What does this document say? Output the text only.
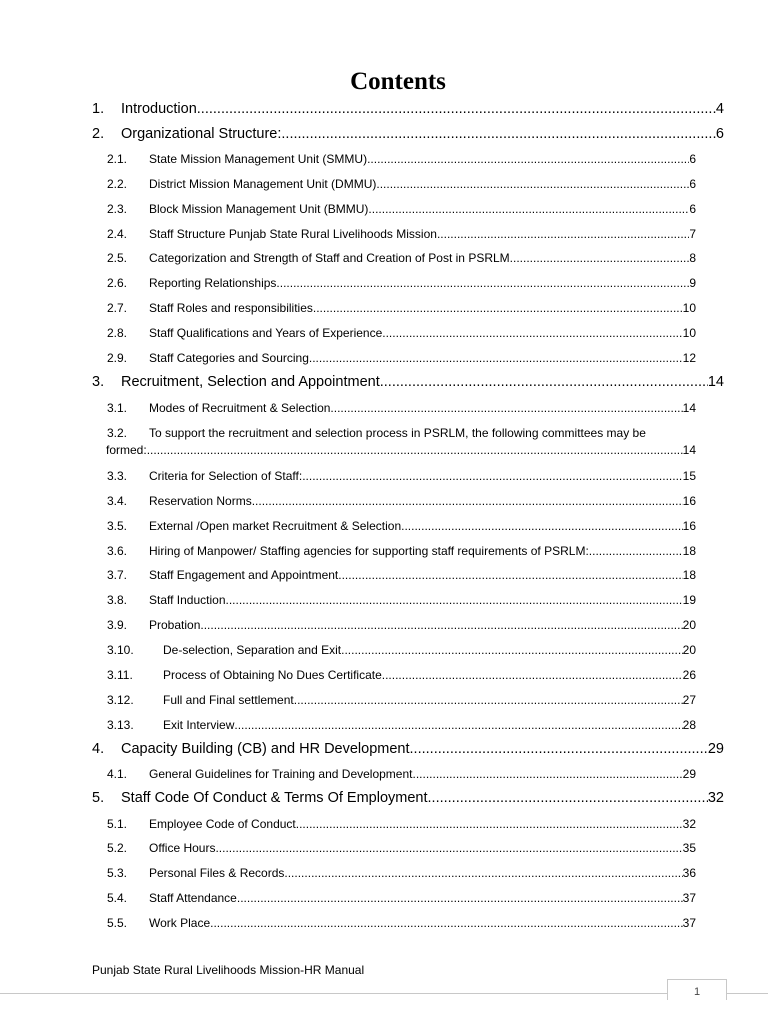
Contents
1.	Introduction .....	4
2.	Organizational Structure: .....	6
2.1.	State Mission Management Unit (SMMU) .....	6
2.2.	District Mission Management Unit (DMMU) .....	6
2.3.	Block Mission Management Unit (BMMU) .....	6
2.4.	Staff Structure Punjab State Rural Livelihoods Mission .....	7
2.5.	Categorization and Strength of Staff and Creation of Post in PSRLM .....	8
2.6.	Reporting Relationships .....	9
2.7.	Staff Roles and responsibilities .....	10
2.8.	Staff Qualifications and Years of Experience .....	10
2.9.	Staff Categories and Sourcing .....	12
3.	Recruitment, Selection and Appointment .....	14
3.1.	Modes of Recruitment & Selection .....	14
3.2.	To support the recruitment and selection process in PSRLM, the following committees may be
formed: .....	14
3.3.	Criteria for Selection of Staff: .....	15
3.4.	Reservation Norms .....	16
3.5.	External /Open market Recruitment & Selection .....	16
3.6.	Hiring of Manpower/ Staffing agencies for supporting staff requirements of PSRLM: .....	18
3.7.	Staff Engagement and Appointment .....	18
3.8.	Staff Induction .....	19
3.9.	Probation .....	20
3.10.	De-selection, Separation and Exit .....	20
3.11.	Process of Obtaining No Dues Certificate .....	26
3.12.	Full and Final settlement .....	27
3.13.	Exit Interview .....	28
4.	Capacity Building (CB) and HR Development .....	29
4.1.	General Guidelines for Training and Development .....	29
5.	Staff Code Of Conduct & Terms Of Employment .....	32
5.1.	Employee Code of Conduct .....	32
5.2.	Office Hours .....	35
5.3.	Personal Files & Records .....	36
5.4.	Staff Attendance .....	37
5.5.	Work Place .....	37
Punjab State Rural Livelihoods Mission-HR Manual
1
